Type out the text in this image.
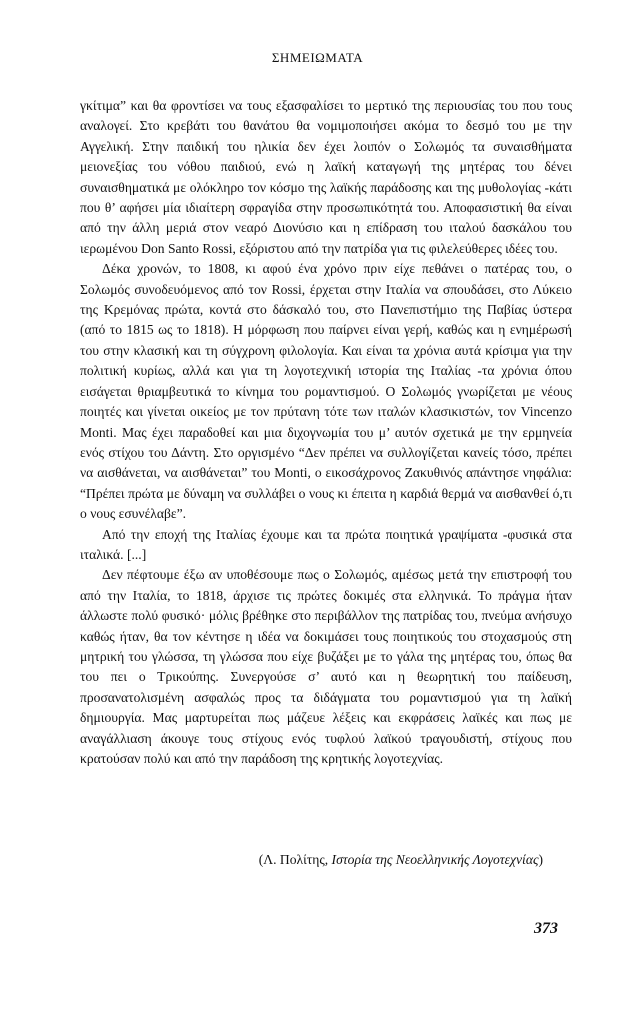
ΣΗΜΕΙΩΜΑΤΑ

γκίτιμα” και θα φροντίσει να τους εξασφαλίσει το μερτικό της περιουσίας του που τους αναλογεί. Στο κρεβάτι του θανάτου θα νομιμοποιήσει ακόμα το δεσμό του με την Αγγελική. Στην παιδική του ηλικία δεν έχει λοιπόν ο Σολωμός τα συναισθήματα μειονεξίας του νόθου παιδιού, ενώ η λαϊκή καταγωγή της μητέρας του δένει συναισθηματικά με ολόκληρο τον κόσμο της λαϊκής παράδοσης και της μυθολογίας -κάτι που θ’ αφήσει μία ιδιαίτερη σφραγίδα στην προσωπικότητά του. Αποφασιστική θα είναι από την άλλη μεριά στον νεαρό Διονύσιο και η επίδραση του ιταλού δασκάλου του ιερωμένου Don Santo Rossi, εξόριστου από την πατρίδα για τις φιλελεύθερες ιδέες του.

Δέκα χρονών, το 1808, κι αφού ένα χρόνο πριν είχε πεθάνει ο πατέρας του, ο Σολωμός συνοδευόμενος από τον Rossi, έρχεται στην Ιταλία να σπουδάσει, στο Λύκειο της Κρεμόνας πρώτα, κοντά στο δάσκαλό του, στο Πανεπιστήμιο της Παβίας ύστερα (από το 1815 ως το 1818). Η μόρφωση που παίρνει είναι γερή, καθώς και η ενημέρωσή του στην κλασική και τη σύγχρονη φιλολογία. Και είναι τα χρόνια αυτά κρίσιμα για την πολιτική κυρίως, αλλά και για τη λογοτεχνική ιστορία της Ιταλίας -τα χρόνια όπου εισάγεται θριαμβευτικά το κίνημα του ρομαντισμού. Ο Σολωμός γνωρίζεται με νέους ποιητές και γίνεται οικείος με τον πρύτανη τότε των ιταλών κλασικιστών, τον Vincenzo Monti. Μας έχει παραδοθεί και μια διχογνωμία του μ’ αυτόν σχετικά με την ερμηνεία ενός στίχου του Δάντη. Στο οργισμένο “Δεν πρέπει να συλλογίζεται κανείς τόσο, πρέπει να αισθάνεται, να αισθάνεται” του Monti, ο εικοσάχρονος Ζακυθινός απάντησε νηφάλια: “Πρέπει πρώτα με δύναμη να συλλάβει ο νους κι έπειτα η καρδιά θερμά να αισθανθεί ό,τι ο νους εσυνέλαβε”.

Από την εποχή της Ιταλίας έχουμε και τα πρώτα ποιητικά γραψίματα -φυσικά στα ιταλικά. [...]

Δεν πέφτουμε έξω αν υποθέσουμε πως ο Σολωμός, αμέσως μετά την επιστροφή του από την Ιταλία, το 1818, άρχισε τις πρώτες δοκιμές στα ελληνικά. Το πράγμα ήταν άλλωστε πολύ φυσικό· μόλις βρέθηκε στο περιβάλλον της πατρίδας του, πνεύμα ανήσυχο καθώς ήταν, θα τον κέντησε η ιδέα να δοκιμάσει τους ποιητικούς του στοχασμούς στη μητρική του γλώσσα, τη γλώσσα που είχε βυζάξει με το γάλα της μητέρας του, όπως θα του πει ο Τρικούπης. Συνεργούσε σ’ αυτό και η θεωρητική του παίδευση, προσανατολισμένη ασφαλώς προς τα διδάγματα του ρομαντισμού για τη λαϊκή δημιουργία. Μας μαρτυρείται πως μάζευε λέξεις και εκφράσεις λαϊκές και πως με αναγάλλιαση άκουγε τους στίχους ενός τυφλού λαϊκού τραγουδιστή, στίχους που κρατούσαν πολύ και από την παράδοση της κρητικής λογοτεχνίας.

(Λ. Πολίτης, Ιστορία της Νεοελληνικής Λογοτεχνίας)
373
